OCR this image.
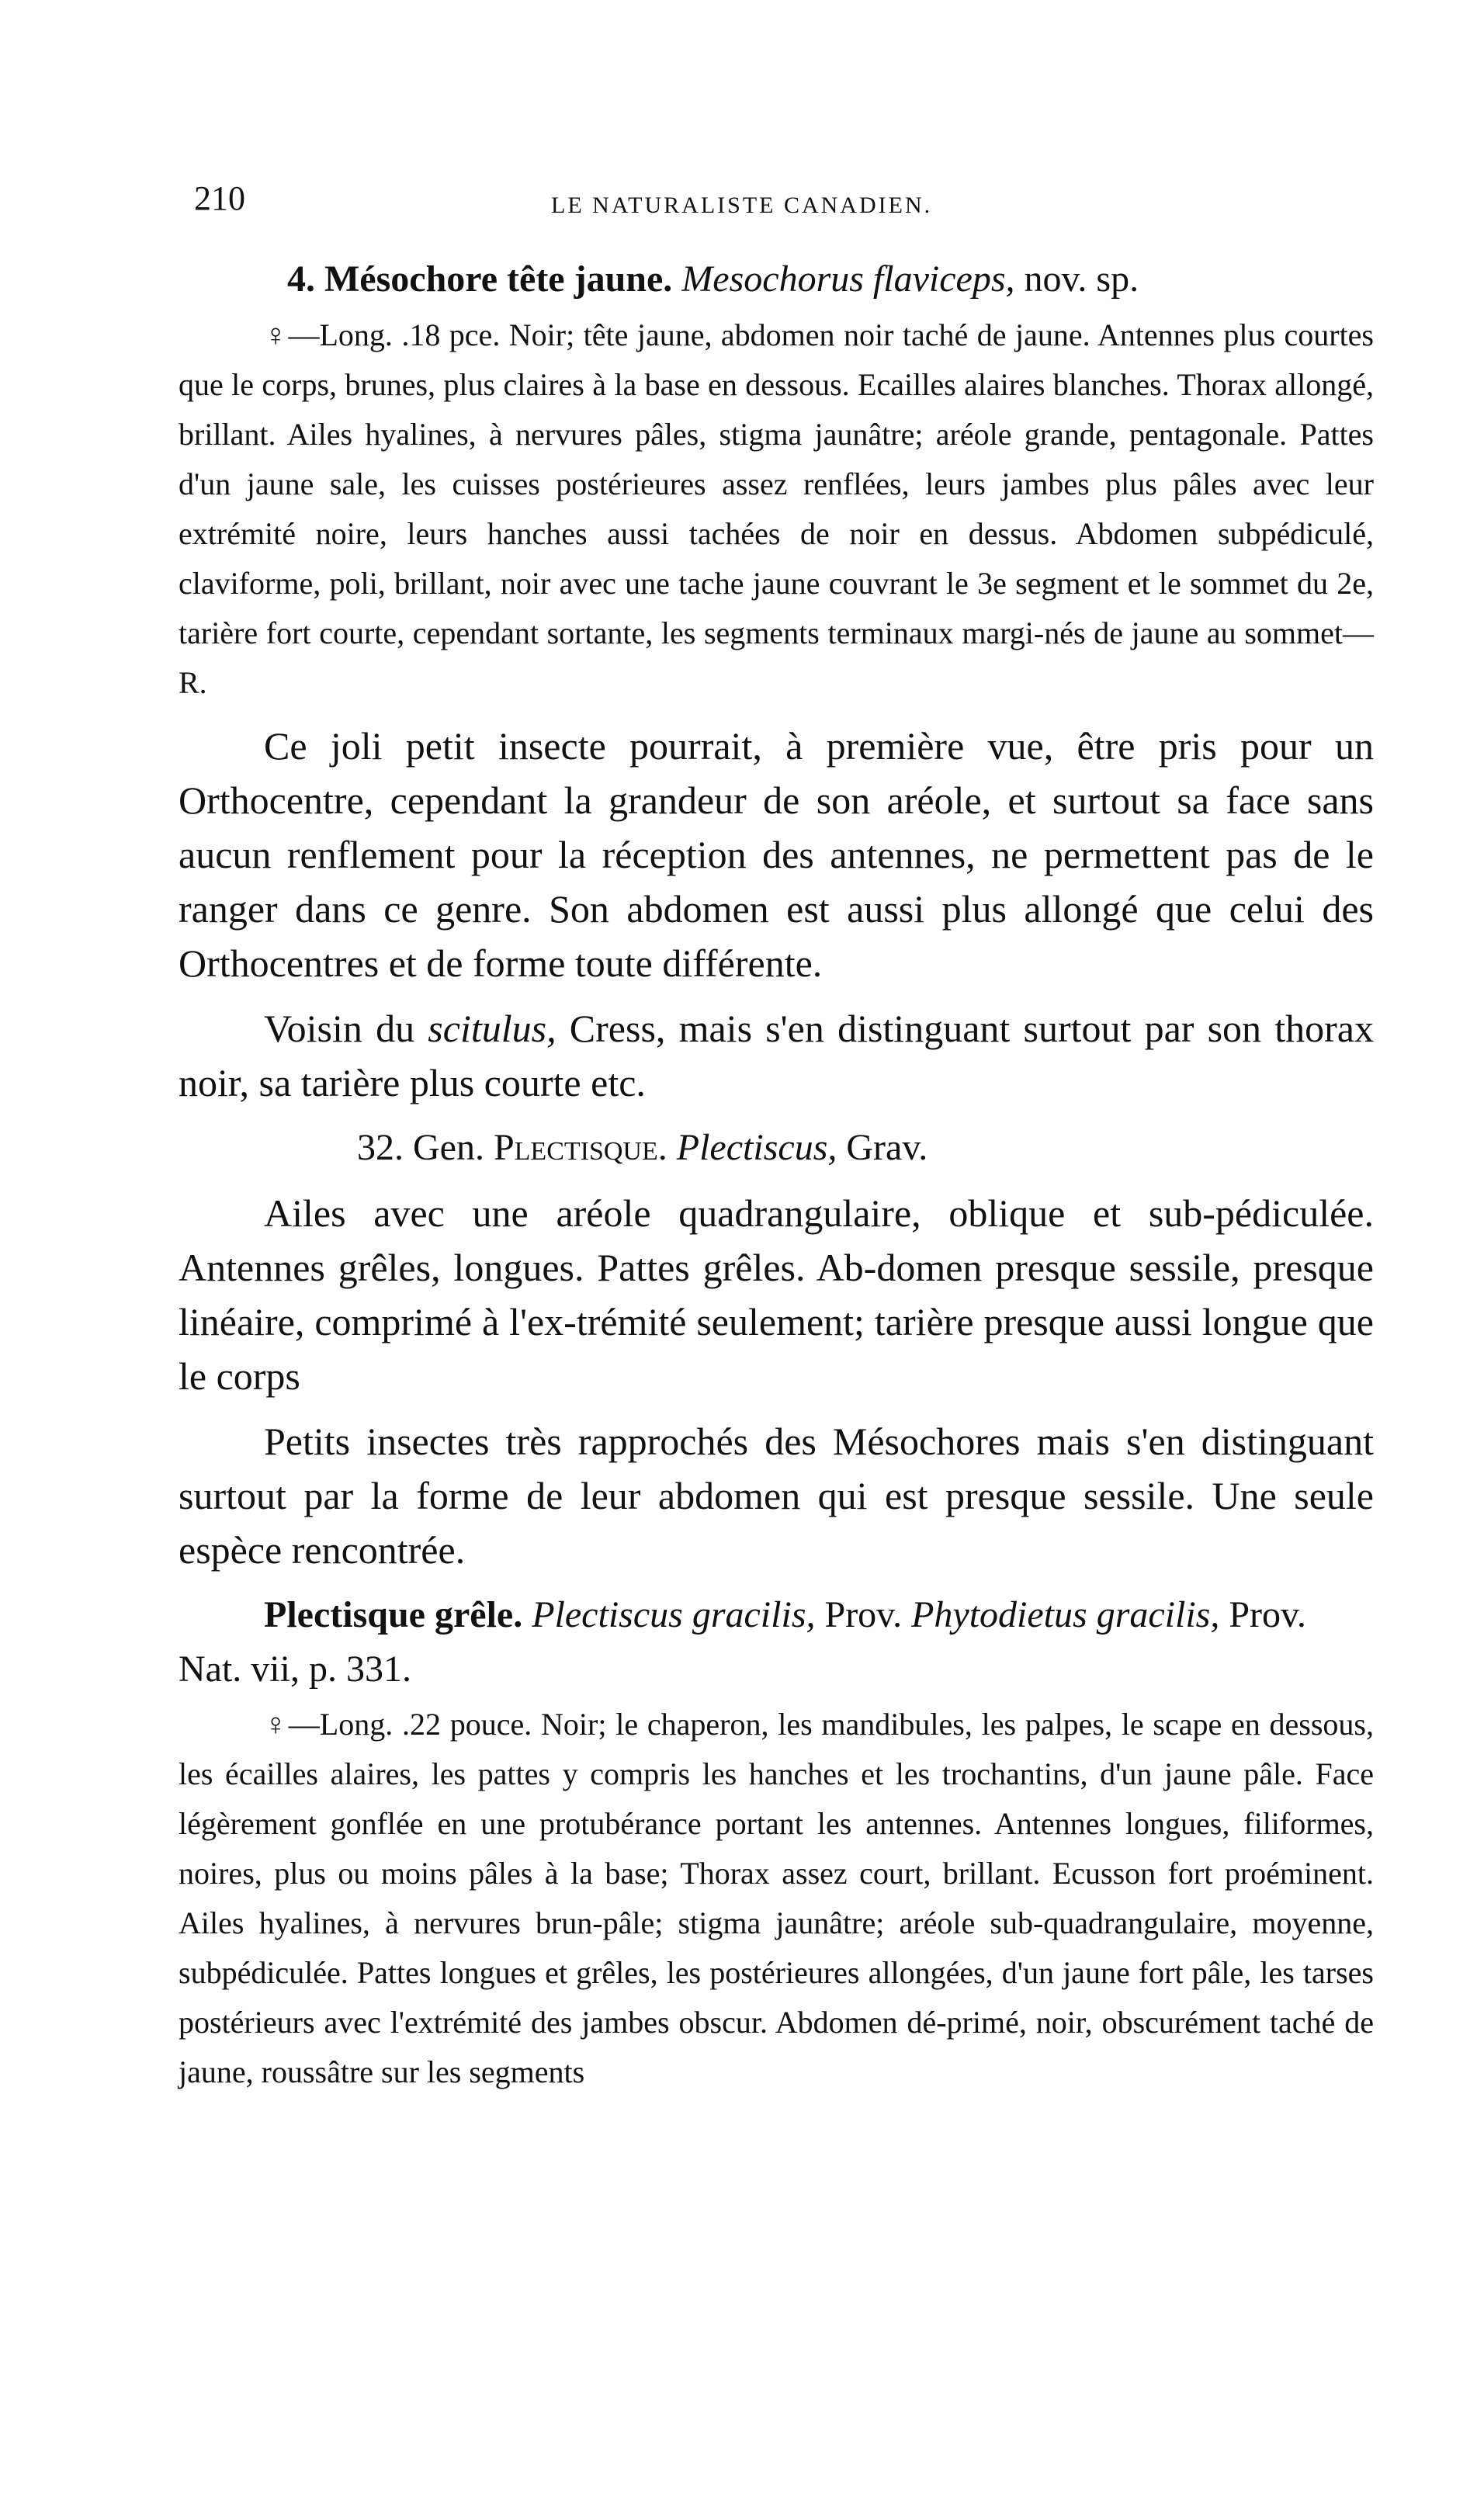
210	LE NATURALISTE CANADIEN.
4. Mésochore tête jaune. Mesochorus flaviceps, nov. sp.

♀—Long. .18 pce. Noir; tête jaune, abdomen noir taché de jaune. Antennes plus courtes que le corps, brunes, plus claires à la base en dessous. Ecailles alaires blanches. Thorax allongé, brillant. Ailes hyalines, à nervures pâles, stigma jaunâtre; aréole grande, pentagonale. Pattes d'un jaune sale, les cuisses postérieures assez renflées, leurs jambes plus pâles avec leur extrémité noire, leurs hanches aussi tachées de noir en dessus. Abdomen subpédiculé, claviforme, poli, brillant, noir avec une tache jaune couvrant le 3e segment et le sommet du 2e, tarière fort courte, cependant sortante, les segments terminaux margi-nés de jaune au sommet—R.

Ce joli petit insecte pourrait, à première vue, être pris pour un Orthocentre, cependant la grandeur de son aréole, et surtout sa face sans aucun renflement pour la réception des antennes, ne permettent pas de le ranger dans ce genre. Son abdomen est aussi plus allongé que celui des Orthocentres et de forme toute différente.

Voisin du scitulus, Cress, mais s'en distinguant surtout par son thorax noir, sa tarière plus courte etc.

32. Gen. Plectisque. Plectiscus, Grav.

Ailes avec une aréole quadrangulaire, oblique et sub-pédiculée. Antennes grêles, longues. Pattes grêles. Ab-domen presque sessile, presque linéaire, comprimé à l'ex-trémité seulement; tarière presque aussi longue que le corps

Petits insectes très rapprochés des Mésochores mais s'en distinguant surtout par la forme de leur abdomen qui est presque sessile. Une seule espèce rencontrée.

Plectisque grêle. Plectiscus gracilis, Prov. Phytodietus gracilis, Prov. Nat. vii, p. 331.

♀—Long. .22 pouce. Noir; le chaperon, les mandibules, les palpes, le scape en dessous, les écailles alaires, les pattes y compris les hanches et les trochantins, d'un jaune pâle. Face légèrement gonflée en une protubérance portant les antennes. Antennes longues, filiformes, noires, plus ou moins pâles à la base; Thorax assez court, brillant. Ecusson fort proéminent. Ailes hyalines, à nervures brun-pâle; stigma jaunâtre; aréole sub-quadrangulaire, moyenne, subpédiculée. Pattes longues et grêles, les postérieures allongées, d'un jaune fort pâle, les tarses postérieurs avec l'extrémité des jambes obscur. Abdomen dé-primé, noir, obscurément taché de jaune, roussâtre sur les segments
